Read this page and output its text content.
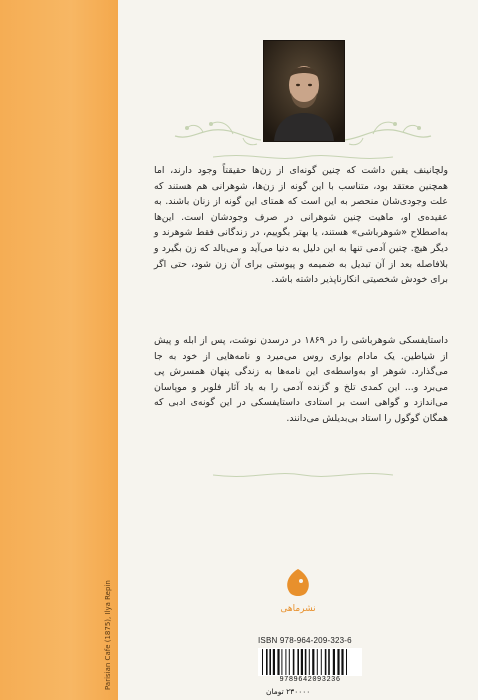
Parisian Cafe (1875), Ilya Repin
ولچانینف یقین داشت که چنین گونه‌ای از زن‌ها حقیقتاً وجود دارند، اما همچنین معتقد بود، متناسب با این گونه از زن‌ها، شوهرانی هم هستند که علت وجودی‌شان منحصر به این است که همتای این گونه از زنان باشند. به عقیده‌ی او، ماهیت چنین شوهرانی در صرف وجودشان است. این‌ها به‌اصطلاح «شوهرباشی» هستند، یا بهتر بگوییم، در زندگانی فقط شوهرند و دیگر هیچ. چنین آدمی تنها به این دلیل به دنیا می‌آید و می‌بالد که زن بگیرد و بلافاصله بعد از آن تبدیل به ضمیمه و پیوستی برای آن زن شود، حتی اگر برای خودش شخصیتی انکارناپذیر داشته باشد.
داستایفسکی شوهرباشی را در ۱۸۶۹ در درسدن نوشت، پس از ابله و پیش از شیاطین. یک مادام بواری روس می‌میرد و نامه‌هایی از خود به جا می‌گذارد. شوهر او به‌واسطه‌ی این نامه‌ها به زندگی پنهان همسرش پی می‌برد و... این کمدی تلخ و گزنده آدمی را به یاد آثار فلوبر و موپاسان می‌اندازد و گواهی است بر استادی داستایفسکی در این گونه‌ی ادبی که همگان گوگول را استاد بی‌بدیلش می‌دانند.
نشرماهی
ISBN 978-964-209-323-6
9789642093236
۲۳۰۰۰۰ تومان
